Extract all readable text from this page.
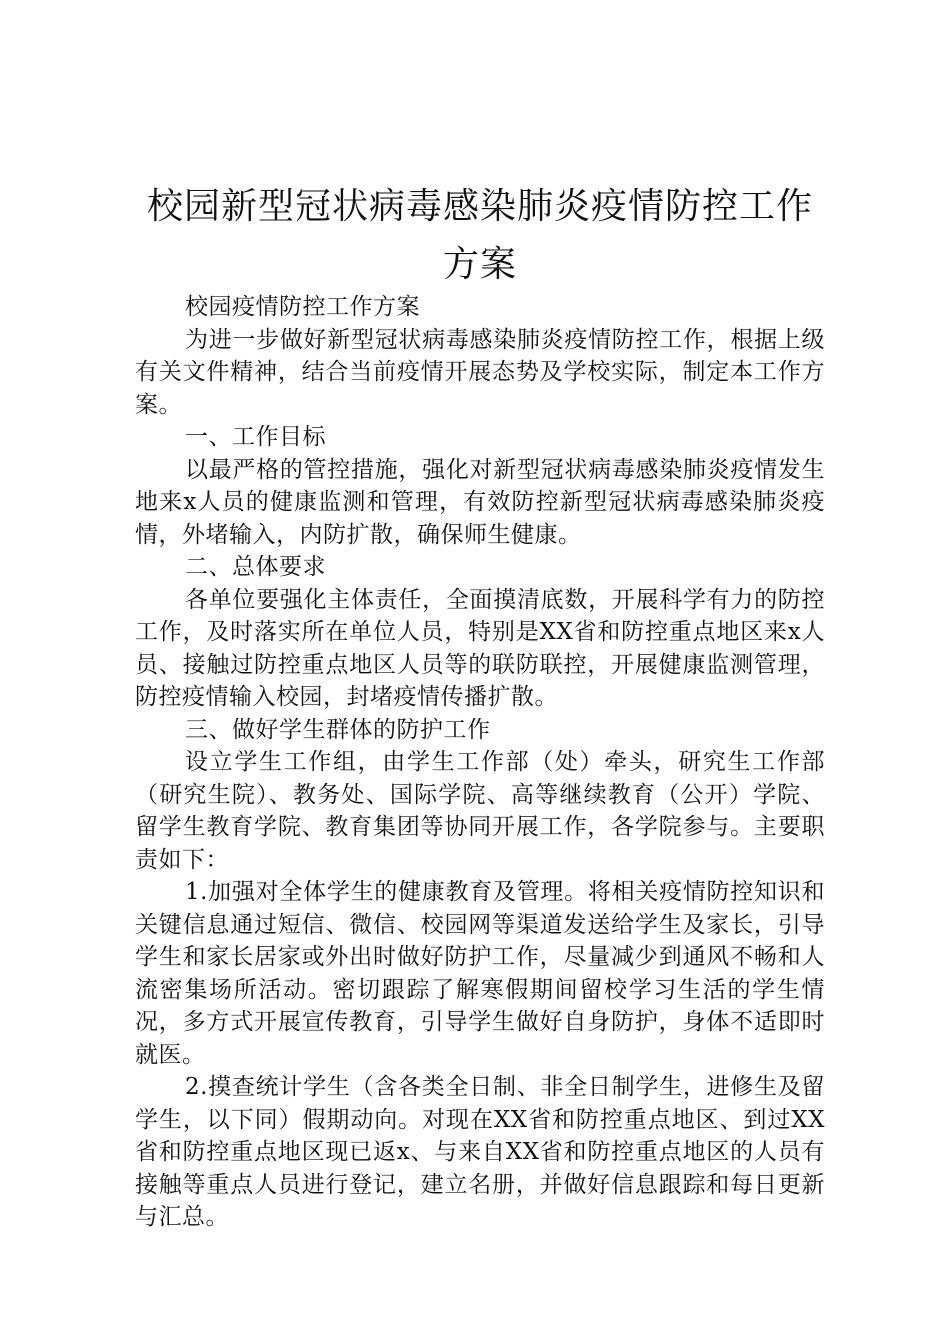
校园新型冠状病毒感染肺炎疫情防控工作方案

校园疫情防控工作方案

为进一步做好新型冠状病毒感染肺炎疫情防控工作，根据上级有关文件精神，结合当前疫情开展态势及学校实际，制定本工作方案。

一、工作目标

以最严格的管控措施，强化对新型冠状病毒感染肺炎疫情发生地来x人员的健康监测和管理，有效防控新型冠状病毒感染肺炎疫情，外堵输入，内防扩散，确保师生健康。

二、总体要求

各单位要强化主体责任，全面摸清底数，开展科学有力的防控工作，及时落实所在单位人员，特别是XX省和防控重点地区来x人员、接触过防控重点地区人员等的联防联控，开展健康监测管理，防控疫情输入校园，封堵疫情传播扩散。

三、做好学生群体的防护工作

设立学生工作组，由学生工作部（处）牵头，研究生工作部（研究生院）、教务处、国际学院、高等继续教育（公开）学院、留学生教育学院、教育集团等协同开展工作，各学院参与。主要职责如下：

1.加强对全体学生的健康教育及管理。将相关疫情防控知识和关键信息通过短信、微信、校园网等渠道发送给学生及家长，引导学生和家长居家或外出时做好防护工作，尽量减少到通风不畅和人流密集场所活动。密切跟踪了解寒假期间留校学习生活的学生情况，多方式开展宣传教育，引导学生做好自身防护，身体不适即时就医。

2.摸查统计学生（含各类全日制、非全日制学生，进修生及留学生，以下同）假期动向。对现在XX省和防控重点地区、到过XX省和防控重点地区现已返x、与来自XX省和防控重点地区的人员有接触等重点人员进行登记，建立名册，并做好信息跟踪和每日更新与汇总。
